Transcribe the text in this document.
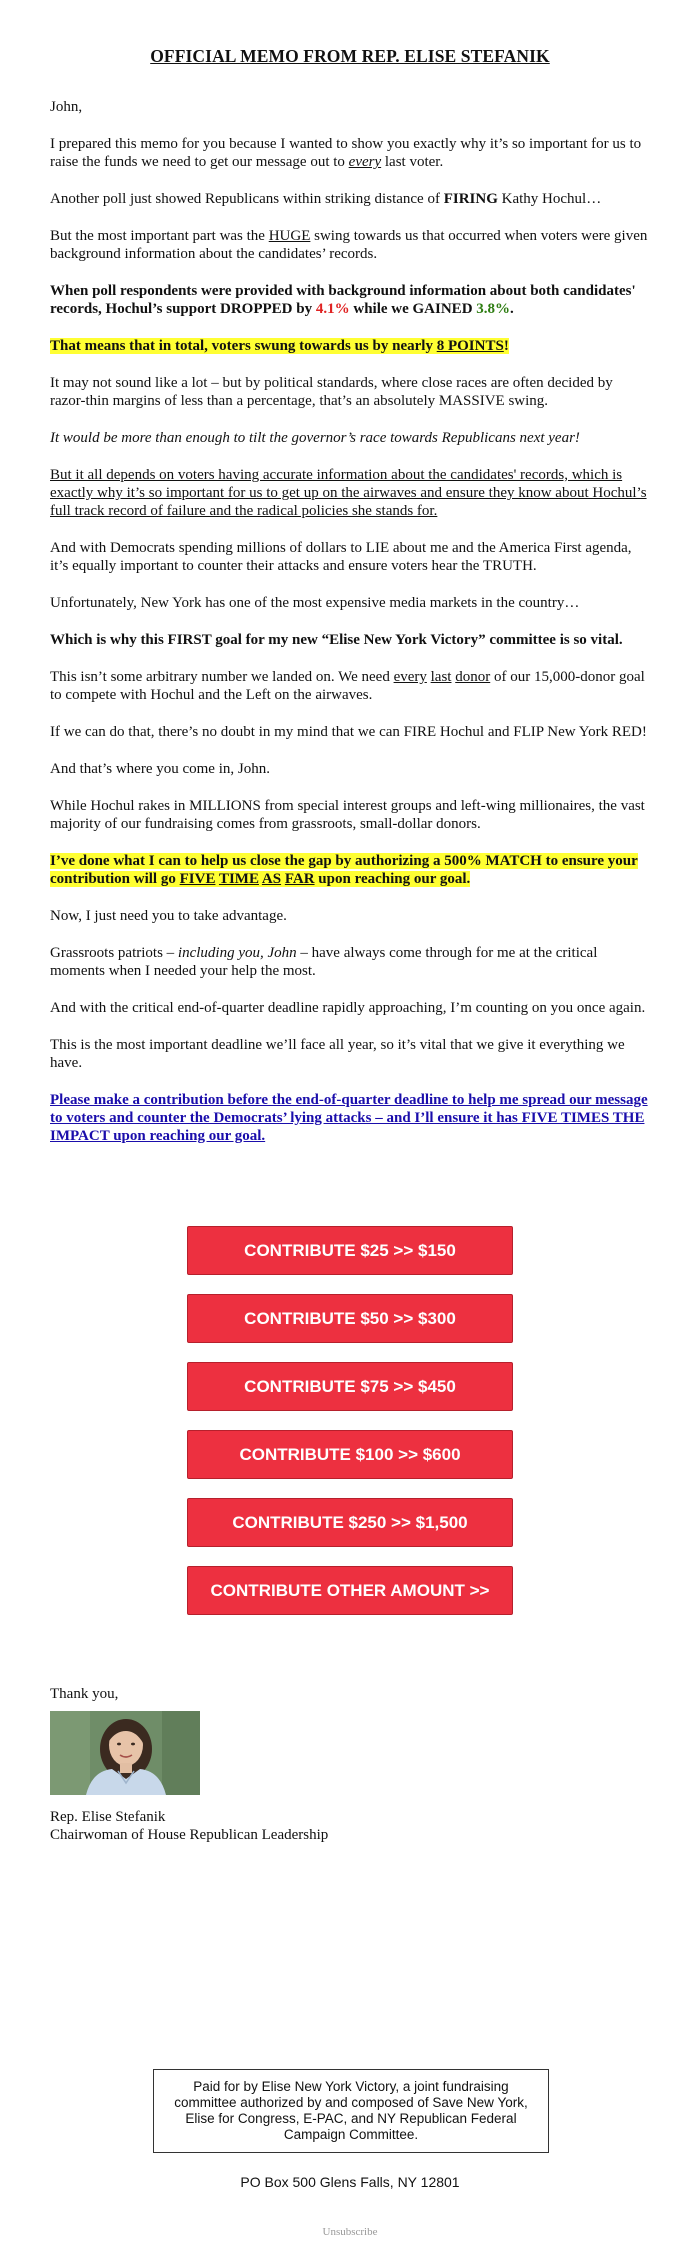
OFFICIAL MEMO FROM REP. ELISE STEFANIK

John,

I prepared this memo for you because I wanted to show you exactly why it’s so important for us to raise the funds we need to get our message out to every last voter.

Another poll just showed Republicans within striking distance of FIRING Kathy Hochul…

But the most important part was the HUGE swing towards us that occurred when voters were given background information about the candidates’ records.

When poll respondents were provided with background information about both candidates' records, Hochul’s support DROPPED by 4.1% while we GAINED 3.8%.

That means that in total, voters swung towards us by nearly 8 POINTS!

It may not sound like a lot – but by political standards, where close races are often decided by razor-thin margins of less than a percentage, that’s an absolutely MASSIVE swing.

It would be more than enough to tilt the governor’s race towards Republicans next year!

But it all depends on voters having accurate information about the candidates' records, which is exactly why it’s so important for us to get up on the airwaves and ensure they know about Hochul’s full track record of failure and the radical policies she stands for.

And with Democrats spending millions of dollars to LIE about me and the America First agenda, it’s equally important to counter their attacks and ensure voters hear the TRUTH.

Unfortunately, New York has one of the most expensive media markets in the country…

Which is why this FIRST goal for my new “Elise New York Victory” committee is so vital.

This isn’t some arbitrary number we landed on. We need every last donor of our 15,000-donor goal to compete with Hochul and the Left on the airwaves.

If we can do that, there’s no doubt in my mind that we can FIRE Hochul and FLIP New York RED!

And that’s where you come in, John.

While Hochul rakes in MILLIONS from special interest groups and left-wing millionaires, the vast majority of our fundraising comes from grassroots, small-dollar donors.

I’ve done what I can to help us close the gap by authorizing a 500% MATCH to ensure your contribution will go FIVE TIME AS FAR upon reaching our goal.

Now, I just need you to take advantage.

Grassroots patriots – including you, John – have always come through for me at the critical moments when I needed your help the most.

And with the critical end-of-quarter deadline rapidly approaching, I’m counting on you once again.

This is the most important deadline we’ll face all year, so it’s vital that we give it everything we have.

Please make a contribution before the end-of-quarter deadline to help me spread our message to voters and counter the Democrats’ lying attacks – and I’ll ensure it has FIVE TIMES THE IMPACT upon reaching our goal.

CONTRIBUTE $25 >> $150
CONTRIBUTE $50 >> $300
CONTRIBUTE $75 >> $450
CONTRIBUTE $100 >> $600
CONTRIBUTE $250 >> $1,500
CONTRIBUTE OTHER AMOUNT >>
Thank you,
Rep. Elise Stefanik
Chairwoman of House Republican Leadership
Paid for by Elise New York Victory, a joint fundraising committee authorized by and composed of Save New York, Elise for Congress, E-PAC, and NY Republican Federal Campaign Committee.
PO Box 500 Glens Falls, NY 12801
Unsubscribe
